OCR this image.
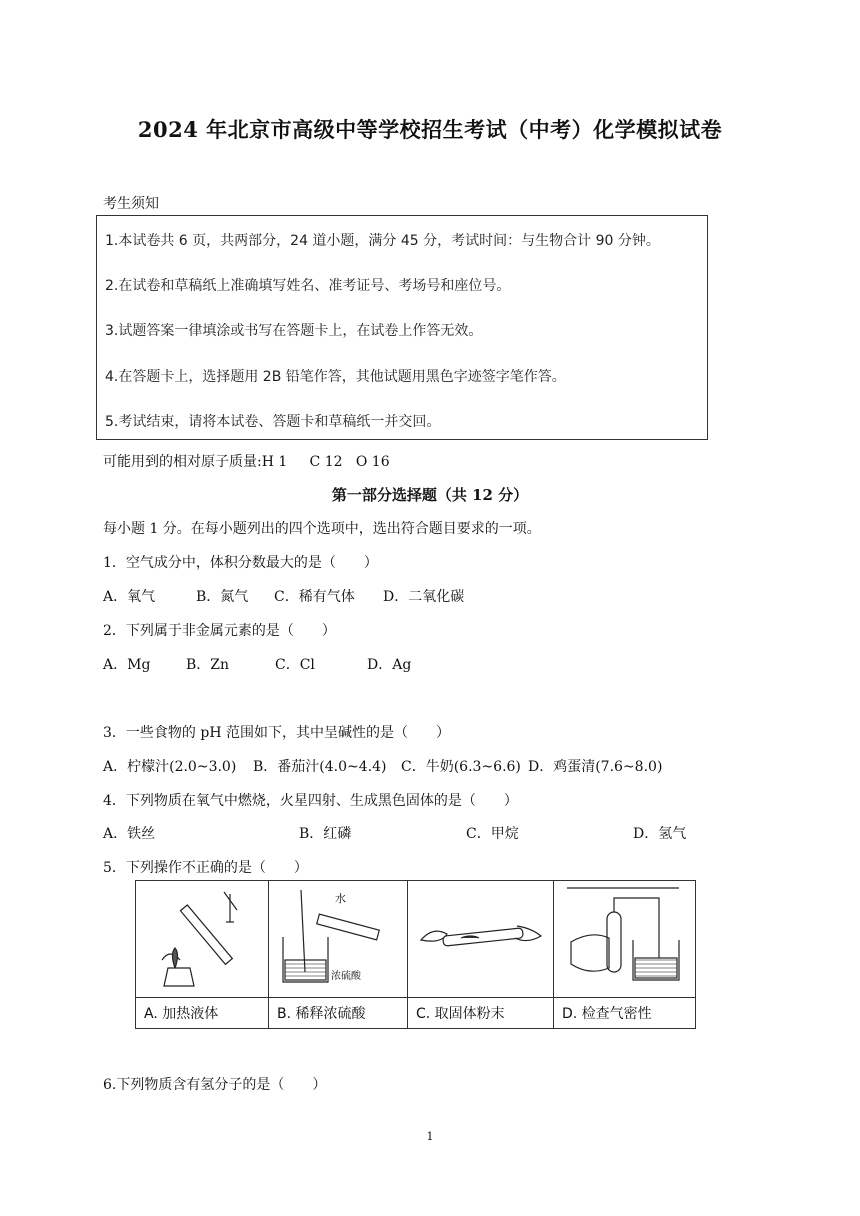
2024 年北京市高级中等学校招生考试（中考）化学模拟试卷
考生须知
1.本试卷共 6 页，共两部分，24 道小题，满分 45 分，考试时间：与生物合计 90 分钟。
2.在试卷和草稿纸上准确填写姓名、准考证号、考场号和座位号。
3.试题答案一律填涂或书写在答题卡上，在试卷上作答无效。
4.在答题卡上，选择题用 2B 铅笔作答，其他试题用黑色字迹签字笔作答。
5.考试结束，请将本试卷、答题卡和草稿纸一并交回。
可能用到的相对原子质量:H 1     C 12   O 16
第一部分选择题（共 12 分）
每小题 1 分。在每小题列出的四个选项中，选出符合题目要求的一项。
1．空气成分中，体积分数最大的是（　　）
A．氧气	B．氮气 C．稀有气体 D．二氧化碳
2．下列属于非金属元素的是（　　）
A．Mg	B．Zn	C．Cl	D．Ag
3．一些食物的 pH 范围如下，其中呈碱性的是（　　）
A．柠檬汁(2.0~3.0) B．番茄汁(4.0~4.4) C．牛奶(6.3~6.6) D．鸡蛋清(7.6~8.0)
4．下列物质在氧气中燃烧，火星四射、生成黑色固体的是（　　）
A．铁丝	B．红磷	C．甲烷	D．氢气
5．下列操作不正确的是（　　）

水
浓硫酸

A. 加热液体	B. 稀释浓硫酸	C. 取固体粉末	D. 检查气密性
6.下列物质含有氢分子的是（　　）
1
